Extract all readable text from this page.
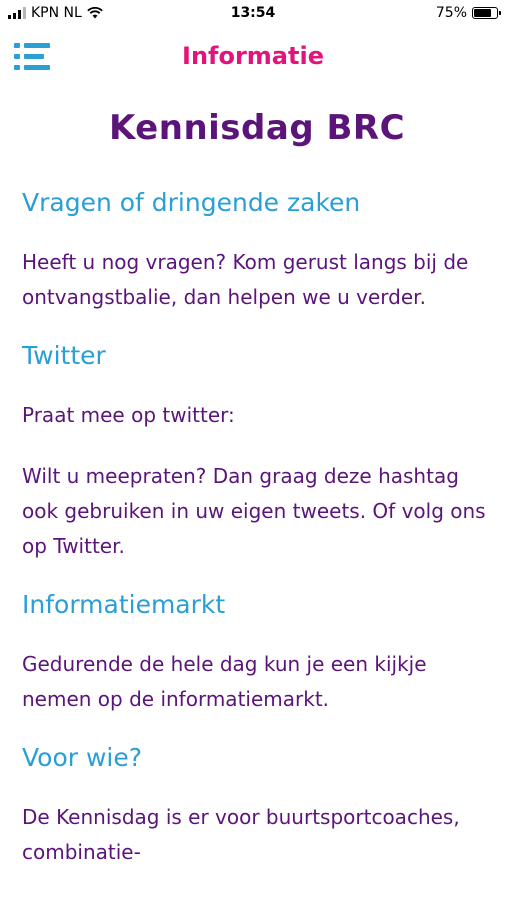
KPN NL	13:54	75%
Informatie
Kennisdag BRC
Vragen of dringende zaken

Heeft u nog vragen? Kom gerust langs bij de ontvangstbalie, dan helpen we u verder.

Twitter

Praat mee op twitter:

Wilt u meepraten? Dan graag deze hashtag ook gebruiken in uw eigen tweets. Of volg ons op Twitter.

Informatiemarkt

Gedurende de hele dag kun je een kijkje nemen op de informatiemarkt.

Voor wie?

De Kennisdag is er voor buurtsportcoaches, combinatie-
